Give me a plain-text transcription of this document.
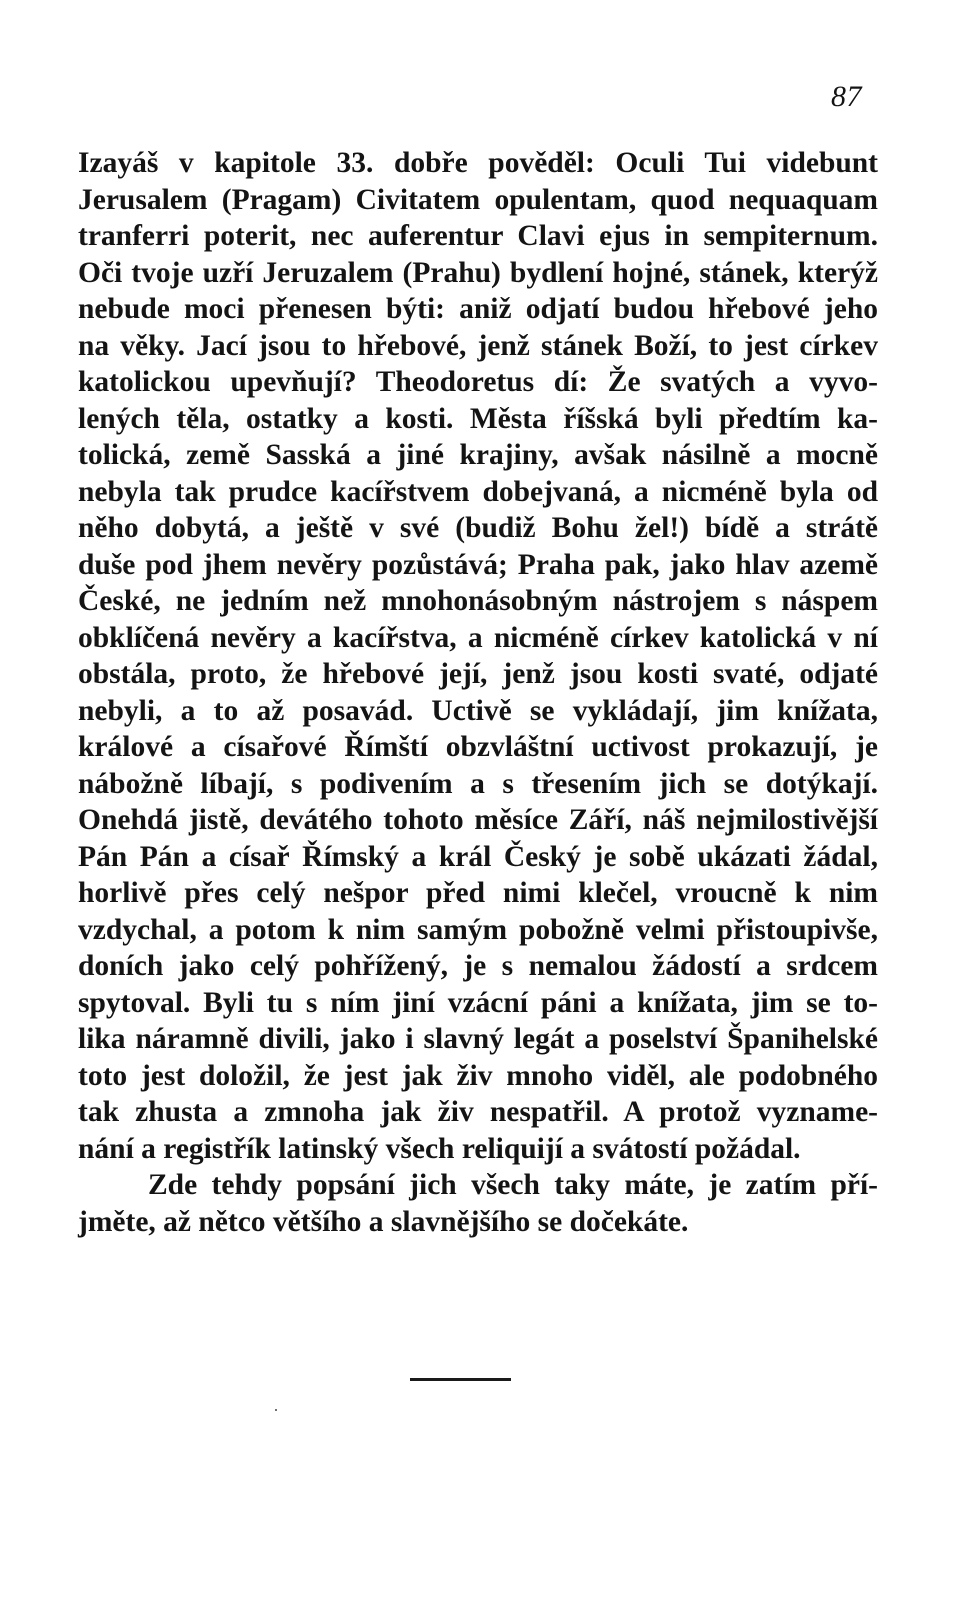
87
Izayáš v kapitole 33. dobře pověděl: Oculi Tui videbunt
Jerusalem (Pragam) Civitatem opulentam, quod nequaquam
tranferri poterit, nec auferentur Clavi ejus in sempiternum.
Oči tvoje uzří Jeruzalem (Prahu) bydlení hojné, stánek, kterýž
nebude moci přenesen býti: aniž odjatí budou hřebové jeho
na věky. Jací jsou to hřebové, jenž stánek Boží, to jest církev
katolickou upevňují? Theodoretus dí: Že svatých a vyvo-
lených těla, ostatky a kosti. Města říšská byli předtím ka-
tolická, země Sasská a jiné krajiny, avšak násilně a mocně
nebyla tak prudce kacířstvem dobejvaná, a nicméně byla od
něho dobytá, a ještě v své (budiž Bohu žel!) bídě a strátě
duše pod jhem nevěry pozůstává; Praha pak, jako hlav azemě
České, ne jedním než mnohonásobným nástrojem s náspem
obklíčená nevěry a kacířstva, a nicméně církev katolická v ní
obstála, proto, že hřebové její, jenž jsou kosti svaté, odjaté
nebyli, a to až posavád. Uctivě se vykládají, jim knížata,
králové a císařové Římští obzvláštní uctivost prokazují, je
nábožně líbají, s podivením a s třesením jich se dotýkají.
Onehdá jistě, devátého tohoto měsíce Září, náš nejmilostivější
Pán Pán a císař Římský a král Český je sobě ukázati žádal,
horlivě přes celý nešpor před nimi klečel, vroucně k nim
vzdychal, a potom k nim samým pobožně velmi přistoupivše,
doních jako celý pohřížený, je s nemalou žádostí a srdcem
spytoval. Byli tu s ním jiní vzácní páni a knížata, jim se to-
lika náramně divili, jako i slavný legát a poselství Španihelské
toto jest doložil, že jest jak živ mnoho viděl, ale podobného
tak zhusta a zmnoha jak živ nespatřil. A protož vyzname-
nání a registřík latinský všech reliquijí a svátostí požádal.
Zde tehdy popsání jich všech taky máte, je zatím pří-
jměte, až nětco většího a slavnějšího se dočekáte.
